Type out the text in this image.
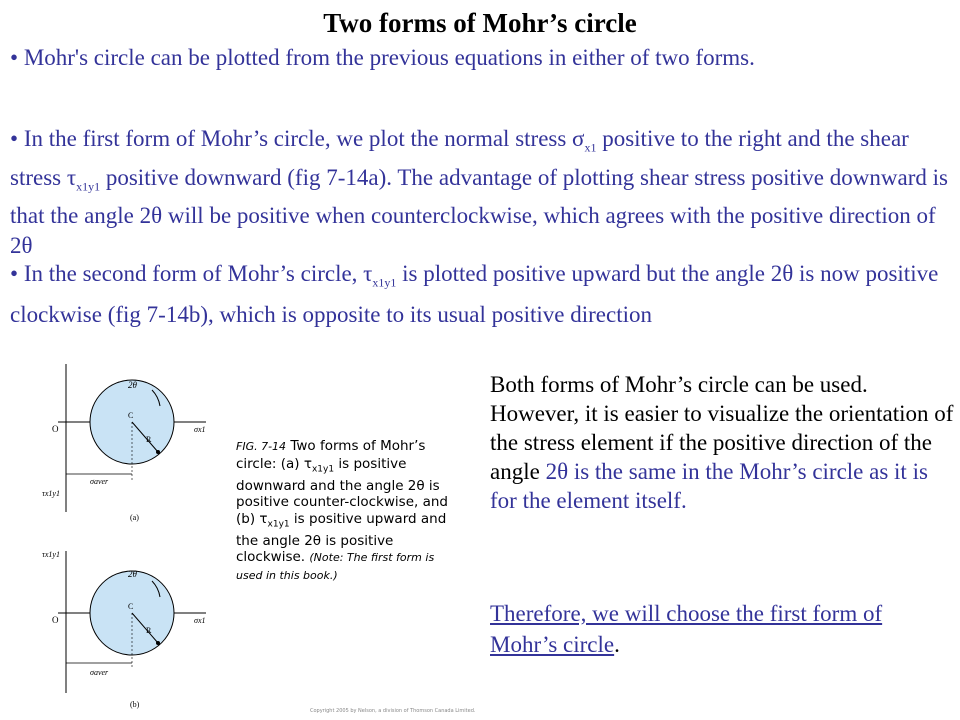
Two forms of Mohr’s circle
• Mohr's circle can be plotted from the previous equations in either of two forms.
• In the first form of Mohr’s circle, we plot the normal stress $\sigma_{x1}$ positive to the right and the shear stress $\tau_{x1y1}$ positive downward (fig 7-14a). The advantage of plotting shear stress positive downward is that the angle 2θ will be positive when counterclockwise, which agrees with the positive direction of 2θ
• In the second form of Mohr’s circle, $\tau_{x1y1}$ is plotted positive upward but the angle 2θ is now positive clockwise (fig 7-14b), which is opposite to its usual positive direction
2θ
C
R
O	σx1
σaver
τx1y1
(a)
τx1y1
2θ
C
R
O	σx1
σaver
(b)
FIG. 7-14 Two forms of Mohr’s circle: (a) $\tau_{x1y1}$ is positive downward and the angle 2θ is positive counter-clockwise, and (b) $\tau_{x1y1}$ is positive upward and the angle 2θ is positive clockwise. (Note: The first form is used in this book.)
Copyright 2005 by Nelson, a division of Thomson Canada Limited.
Both forms of Mohr’s circle can be used. However, it is easier to visualize the orientation of the stress element if the positive direction of the angle 2θ is the same in the Mohr’s circle as it is for the element itself.
Therefore, we will choose the first form of Mohr’s circle.
